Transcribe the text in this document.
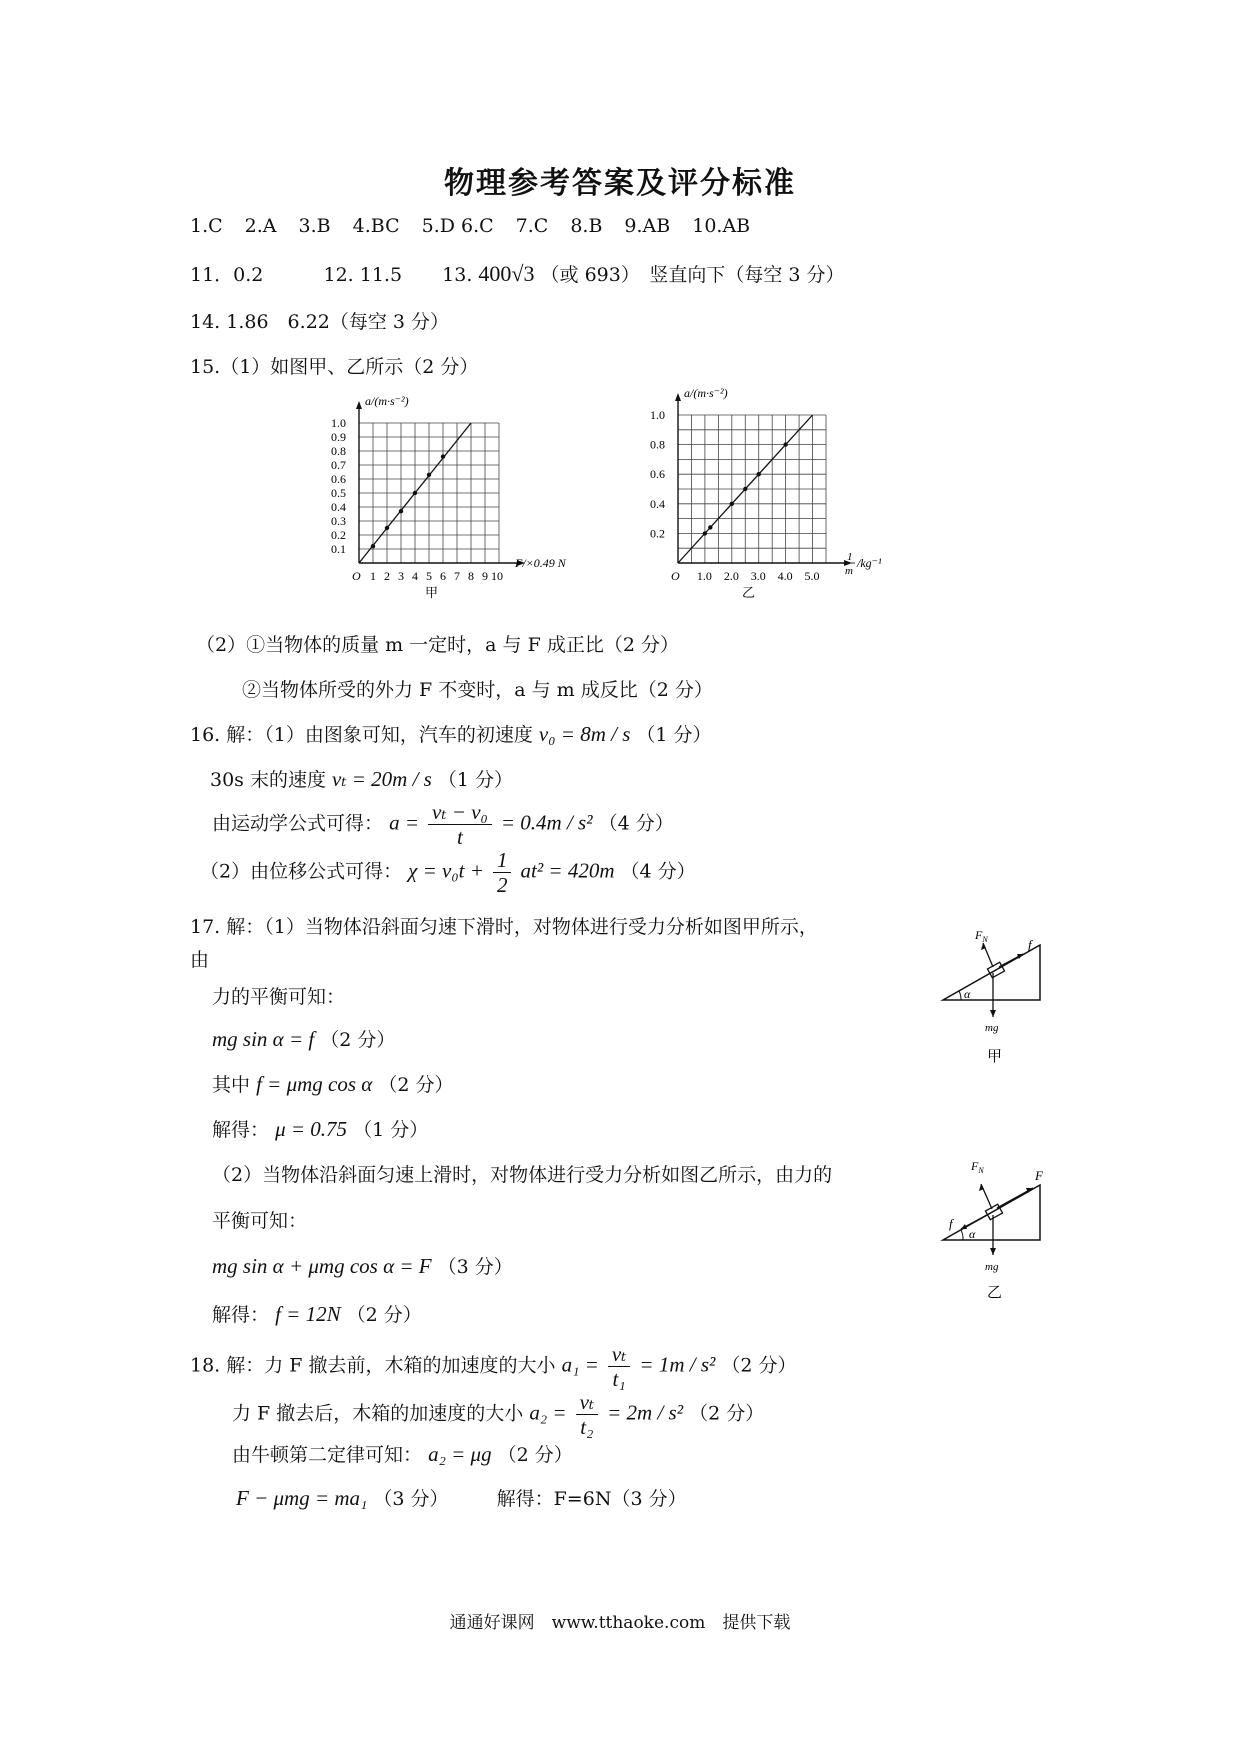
物理参考答案及评分标准
1.C 2.A 3.B 4.BC 5.D 6.C 7.C 8.B 9.AB 10.AB
11．0.2	12. 11.5 13. 400√3 （或 693）　竖直向下（每空 3 分）
14. 1.86　6.22（每空 3 分）
15.（1）如图甲、乙所示（2 分）
1.0
0.9
0.8
0.7
0.6
0.5
0.4
0.3
0.2
0.1
O 1 2 3 4 5 6 7 8 9 10
a/(m·s⁻²)
F/×0.49 N
甲
1.0
0.8
0.6
0.4
0.2
O 1.0 2.0 3.0 4.0 5.0
a/(m·s⁻²)
1
m
/kg⁻¹
乙
（2）①当物体的质量 m 一定时，a 与 F 成正比（2 分）
②当物体所受的外力 F 不变时，a 与 m 成反比（2 分）
16. 解：（1）由图象可知，汽车的初速度 v₀ = 8m / s （1 分）
30s 末的速度 vₜ = 20m / s （1 分）
由运动学公式可得： $a = \frac{\text{vₜ − v₀}}{t} = 0.4m / s^2$ （4 分）
（2）由位移公式可得： $\chi = v_0t + \frac{1}{2} at^2 = 420m$ （4 分）
17. 解：（1）当物体沿斜面匀速下滑时，对物体进行受力分析如图甲所示，
由
力的平衡可知：
mg sin α = f （2 分）
其中 f = μmg cos α （2 分）
解得： μ = 0.75 （1 分）
（2）当物体沿斜面匀速上滑时，对物体进行受力分析如图乙所示，由力的
平衡可知：
mg sin α + μmg cos α = F （3 分）
解得： f = 12N （2 分）
$F_N$	f
α
mg
甲
$F_N$	F
f
α
mg
乙
18. 解：力 F 撤去前，木箱的加速度的大小 $a_1 = \frac{\text{vₜ}}{\text{t₁}} = 1m / s^2$ （2 分）
力 F 撤去后，木箱的加速度的大小 $a_2 = \frac{\text{vₜ}}{\text{t₂}} = 2m / s^2$ （2 分）
由牛顿第二定律可知： a₂ = μg （2 分）
F − μmg = ma₁ （3 分）	解得：F=6N（3 分）
通通好课网　www.tthaoke.com　提供下载
